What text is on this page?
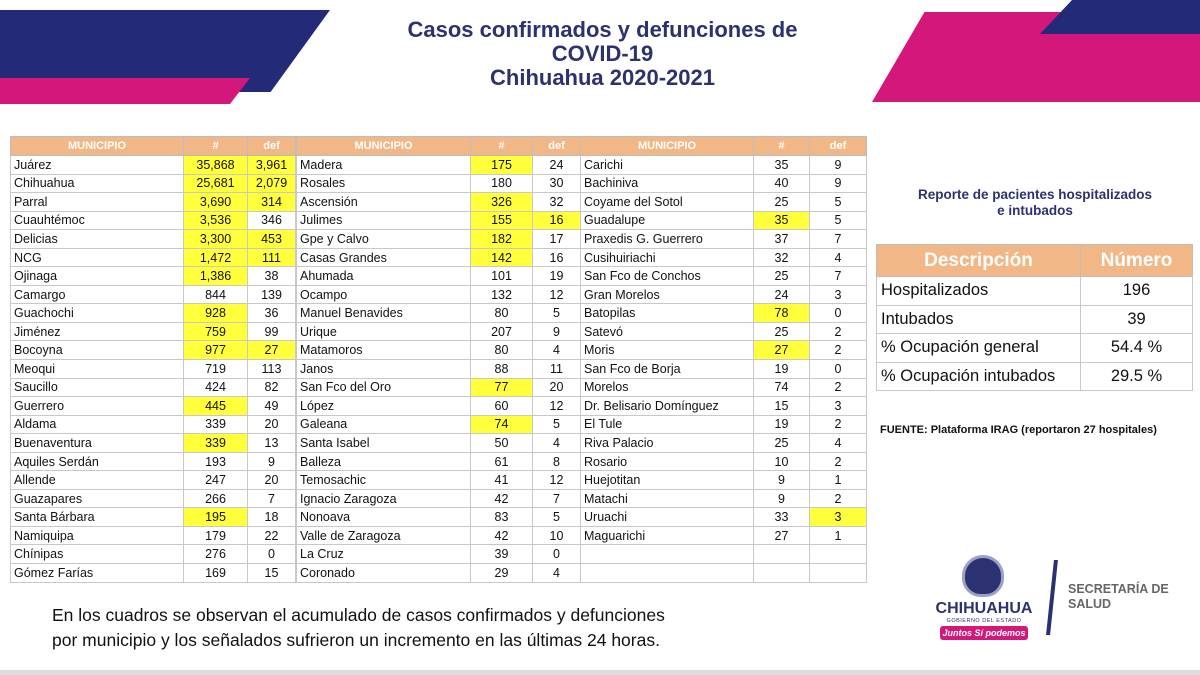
Casos confirmados y defunciones de
COVID-19
Chihuahua 2020-2021
MUNICIPIO	#	def
Juárez	35,868	3,961
Chihuahua	25,681	2,079
Parral	3,690	314
Cuauhtémoc	3,536	346
Delicias	3,300	453
NCG	1,472	111
Ojinaga	1,386	38
Camargo	844	139
Guachochi	928	36
Jiménez	759	99
Bocoyna	977	27
Meoqui	719	113
Saucillo	424	82
Guerrero	445	49
Aldama	339	20
Buenaventura	339	13
Aquiles Serdán	193	9
Allende	247	20
Guazapares	266	7
Santa Bárbara	195	18
Namiquipa	179	22
Chínipas	276	0
Gómez Farías	169	15
MUNICIPIO	#	def
Madera	175	24
Rosales	180	30
Ascensión	326	32
Julimes	155	16
Gpe y Calvo	182	17
Casas Grandes	142	16
Ahumada	101	19
Ocampo	132	12
Manuel Benavides	80	5
Urique	207	9
Matamoros	80	4
Janos	88	11
San Fco del Oro	77	20
López	60	12
Galeana	74	5
Santa Isabel	50	4
Balleza	61	8
Temosachic	41	12
Ignacio Zaragoza	42	7
Nonoava	83	5
Valle de Zaragoza	42	10
La Cruz	39	0
Coronado	29	4
MUNICIPIO	#	def
Carichi	35	9
Bachiniva	40	9
Coyame del Sotol	25	5
Guadalupe	35	5
Praxedis G. Guerrero	37	7
Cusihuiriachi	32	4
San Fco de Conchos	25	7
Gran Morelos	24	3
Batopilas	78	0
Satevó	25	2
Moris	27	2
San Fco de Borja	19	0
Morelos	74	2
Dr. Belisario Domínguez	15	3
El Tule	19	2
Riva Palacio	25	4
Rosario	10	2
Huejotitan	9	1
Matachi	9	2
Uruachi	33	3
Maguarichi	27	1

Reporte de pacientes hospitalizados
e intubados
Descripción	Número
Hospitalizados	196
Intubados	39
% Ocupación general	54.4 %
% Ocupación intubados	29.5 %
FUENTE: Plataforma IRAG (reportaron 27 hospitales)
En los cuadros se observan el acumulado de casos confirmados y defunciones
por municipio y los señalados sufrieron un incremento en las últimas 24 horas.
CHIHUAHUA
GOBIERNO DEL ESTADO
Juntos Sí podemos
SECRETARÍA DE
SALUD
